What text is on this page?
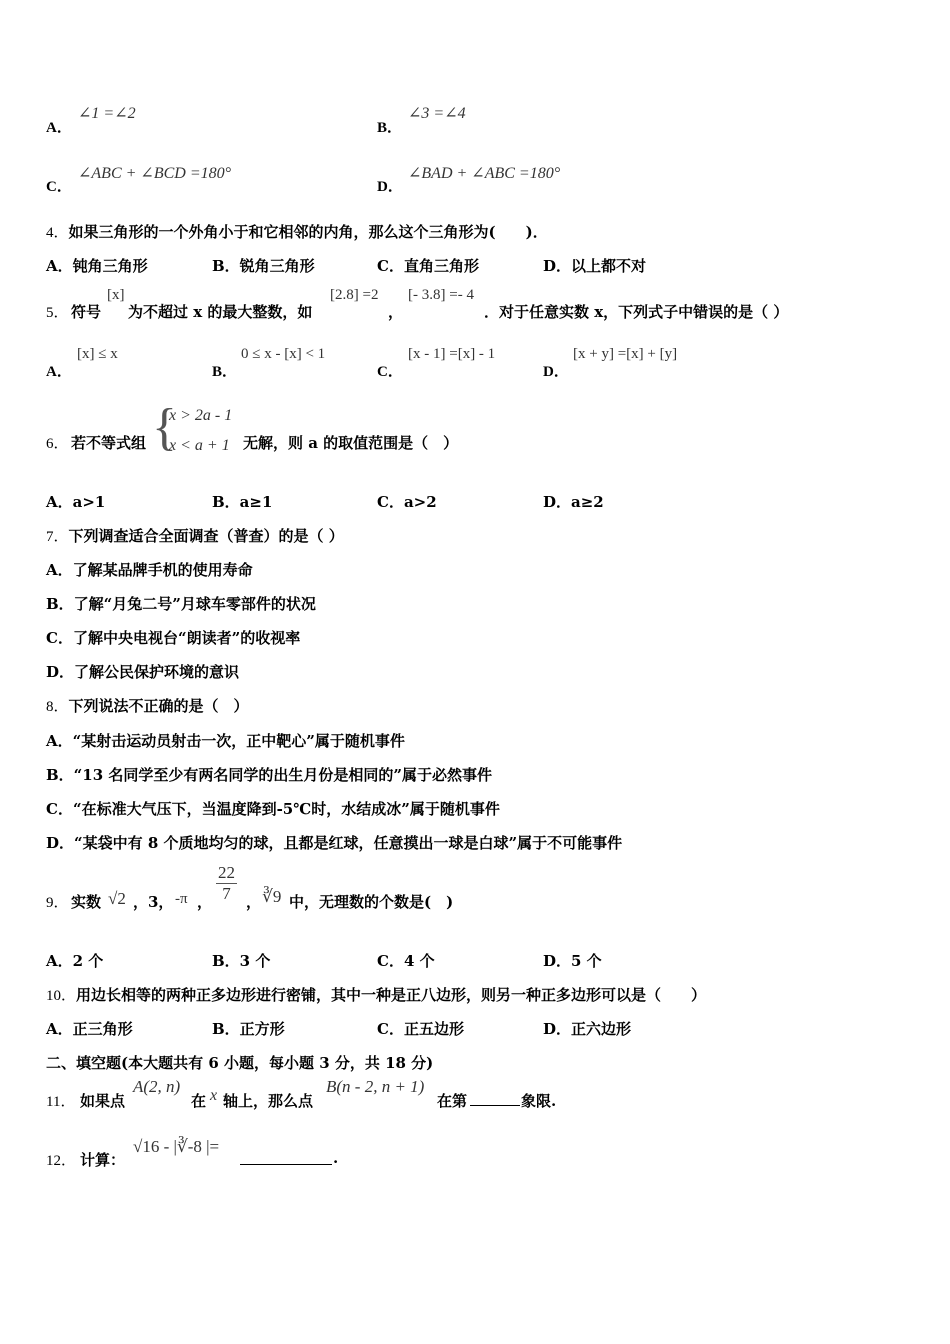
A．
∠1 =∠2
B．
∠3 =∠4
C．
∠ABC + ∠BCD =180°
D．
∠BAD + ∠ABC =180°
4．如果三角形的一个外角小于和它相邻的内角，那么这个三角形为(　　)．
A．钝角三角形	B．锐角三角形	C．直角三角形	D．以上都不对
5． 符号
[x]
为不超过 x 的最大整数，如
[2.8] =2
，
[- 3.8] =- 4
．对于任意实数 x，下列式子中错误的是（ ）
A．
[x] ≤ x
B．
0 ≤ x - [x] < 1
C．
[x - 1] =[x] - 1
D．
[x + y] =[x] + [y]
6． 若不等式组 {
x > 2a - 1
x < a + 1 无解，则 a 的取值范围是（　）
A．a>1	B．a≥1	C．a>2	D．a≥2
7．下列调查适合全面调查（普查）的是（ ）
A．了解某品牌手机的使用寿命
B．了解“月兔二号”月球车零部件的状况
C．了解中央电视台“朗读者”的收视率
D．了解公民保护环境的意识
8．下列说法不正确的是（　）
A．“某射击运动员射击一次，正中靶心”属于随机事件
B．“13 名同学至少有两名同学的出生月份是相同的”属于必然事件
C．“在标准大气压下，当温度降到-5℃时，水结成冰”属于随机事件
D．“某袋中有 8 个质地均匀的球，且都是红球，任意摸出一球是白球”属于不可能事件
9． 实数 √2 ，3， -π ， $\frac{22}{7}$ ， ∛9 中，无理数的个数是(　)
A．2 个	B．3 个	C．4 个	D．5 个
10．用边长相等的两种正多边形进行密铺，其中一种是正八边形，则另一种正多边形可以是（　　）
A．正三角形	B．正方形	C．正五边形	D．正六边形
二、填空题(本大题共有 6 小题，每小题 3 分，共 18 分)
11． 如果点
A(2, n)
在 x 轴上，那么点
B(n - 2, n + 1)
在第	象限.
12． 计算：
√16 - |∛-8 |=
.
